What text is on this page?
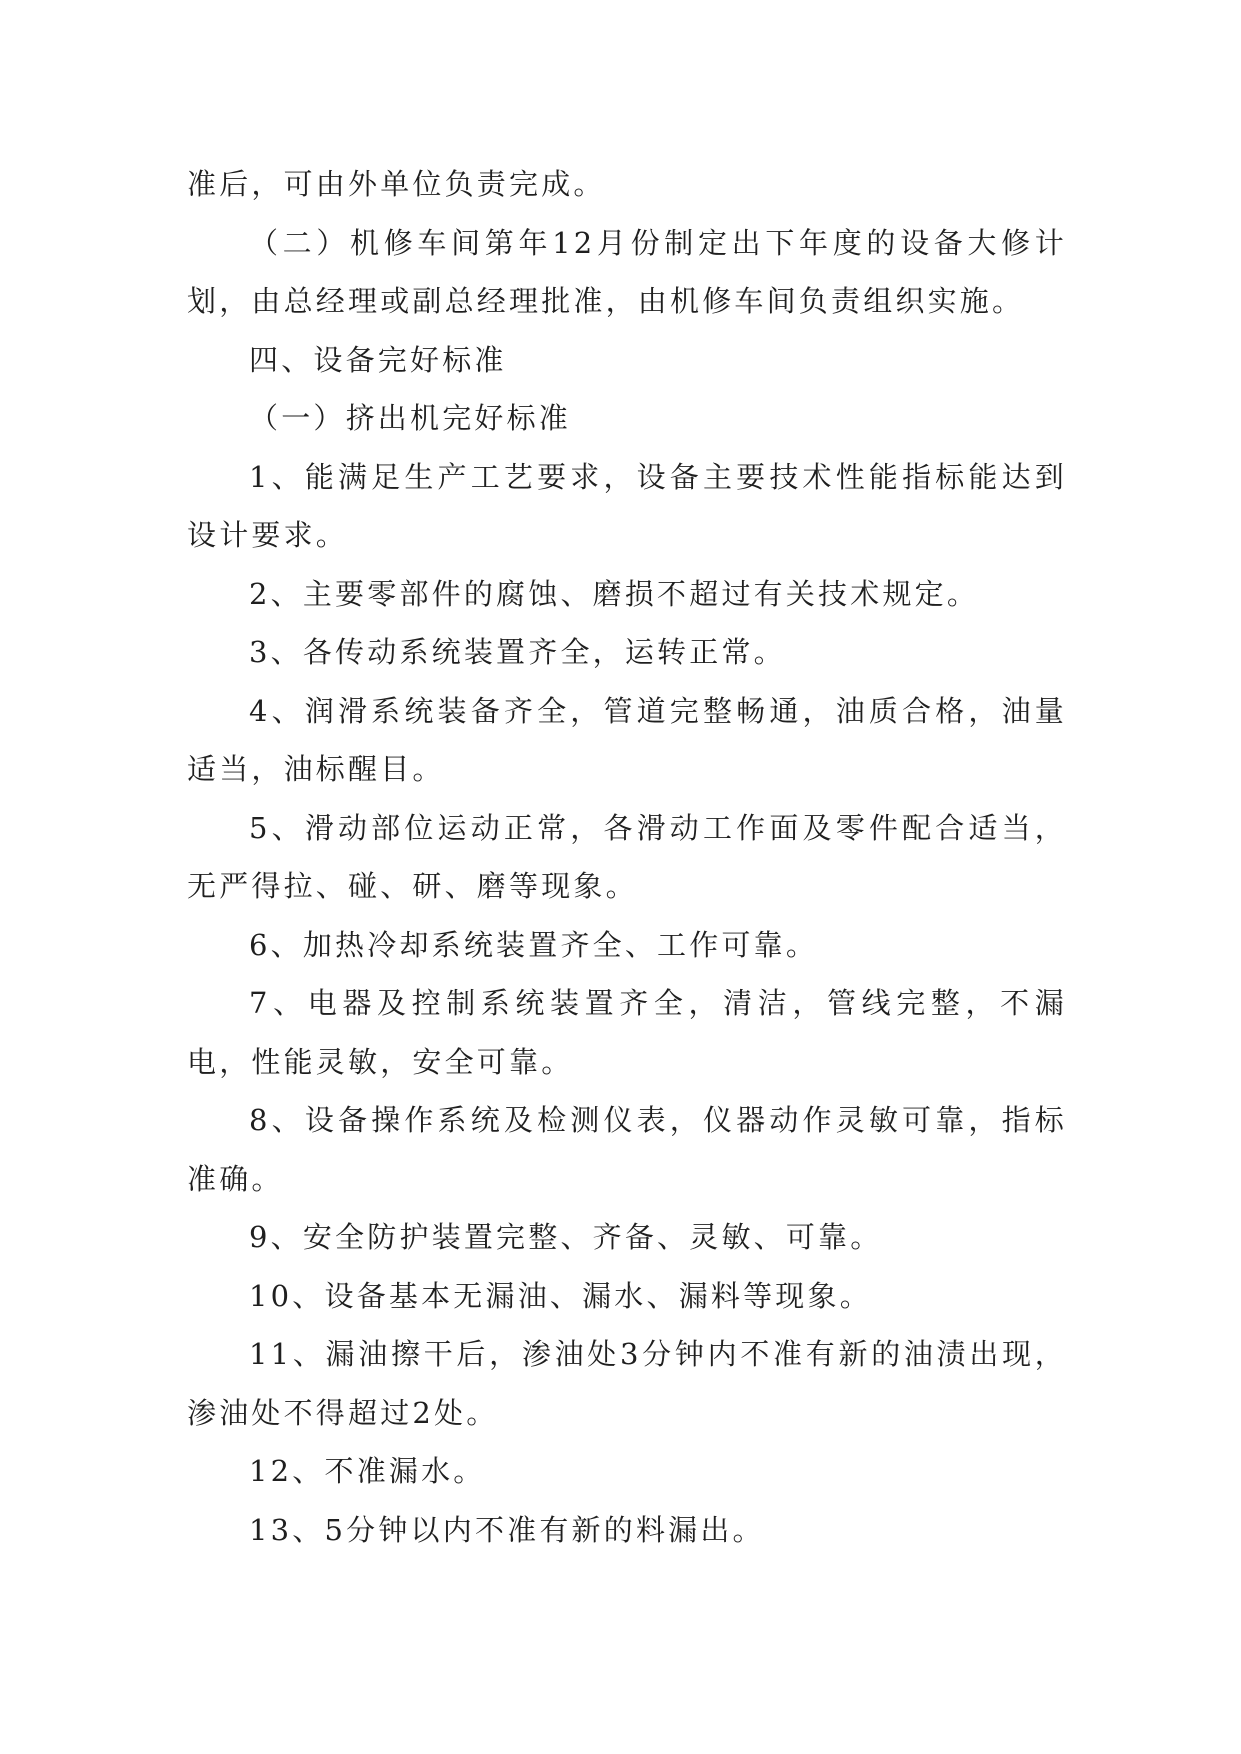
准后，可由外单位负责完成。

（二）机修车间第年12月份制定出下年度的设备大修计划，由总经理或副总经理批准，由机修车间负责组织实施。

四、设备完好标准

（一）挤出机完好标准

1、能满足生产工艺要求，设备主要技术性能指标能达到设计要求。

2、主要零部件的腐蚀、磨损不超过有关技术规定。

3、各传动系统装置齐全，运转正常。

4、润滑系统装备齐全，管道完整畅通，油质合格，油量适当，油标醒目。

5、滑动部位运动正常，各滑动工作面及零件配合适当，无严得拉、碰、研、磨等现象。

6、加热冷却系统装置齐全、工作可靠。

7、电器及控制系统装置齐全，清洁，管线完整，不漏电，性能灵敏，安全可靠。

8、设备操作系统及检测仪表，仪器动作灵敏可靠，指标准确。

9、安全防护装置完整、齐备、灵敏、可靠。

10、设备基本无漏油、漏水、漏料等现象。

11、漏油擦干后，渗油处3分钟内不准有新的油渍出现，渗油处不得超过2处。

12、不准漏水。

13、5分钟以内不准有新的料漏出。
